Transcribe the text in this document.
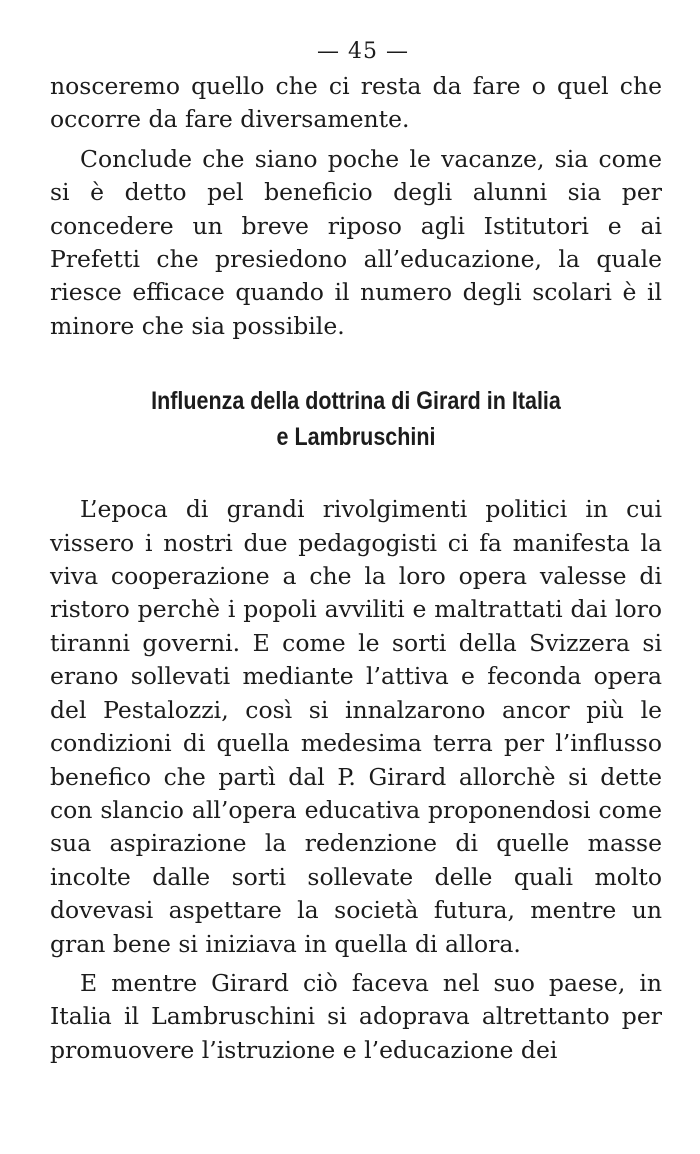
— 45 —

nosceremo quello che ci resta da fare o quel che occorre da fare diversamente.

Conclude che siano poche le vacanze, sia come si è detto pel beneficio degli alunni sia per concedere un breve riposo agli Istitutori e ai Prefetti che presiedono all’educazione, la quale riesce efficace quando il numero degli scolari è il minore che sia possibile.

Influenza della dottrina di Girard in Italia
e Lambruschini

L’epoca di grandi rivolgimenti politici in cui vissero i nostri due pedagogisti ci fa manifesta la viva cooperazione a che la loro opera valesse di ristoro perchè i popoli avviliti e maltrattati dai loro tiranni governi. E come le sorti della Svizzera si erano sollevati mediante l’attiva e feconda opera del Pestalozzi, così si innalzarono ancor più le condizioni di quella medesima terra per l’influsso benefico che partì dal P. Girard allorchè si dette con slancio all’opera educativa proponendosi come sua aspirazione la redenzione di quelle masse incolte dalle sorti sollevate delle quali molto dovevasi aspettare la società futura, mentre un gran bene si iniziava in quella di allora.

E mentre Girard ciò faceva nel suo paese, in Italia il Lambruschini si adoprava altrettanto per promuovere l’istruzione e l’educazione dei
